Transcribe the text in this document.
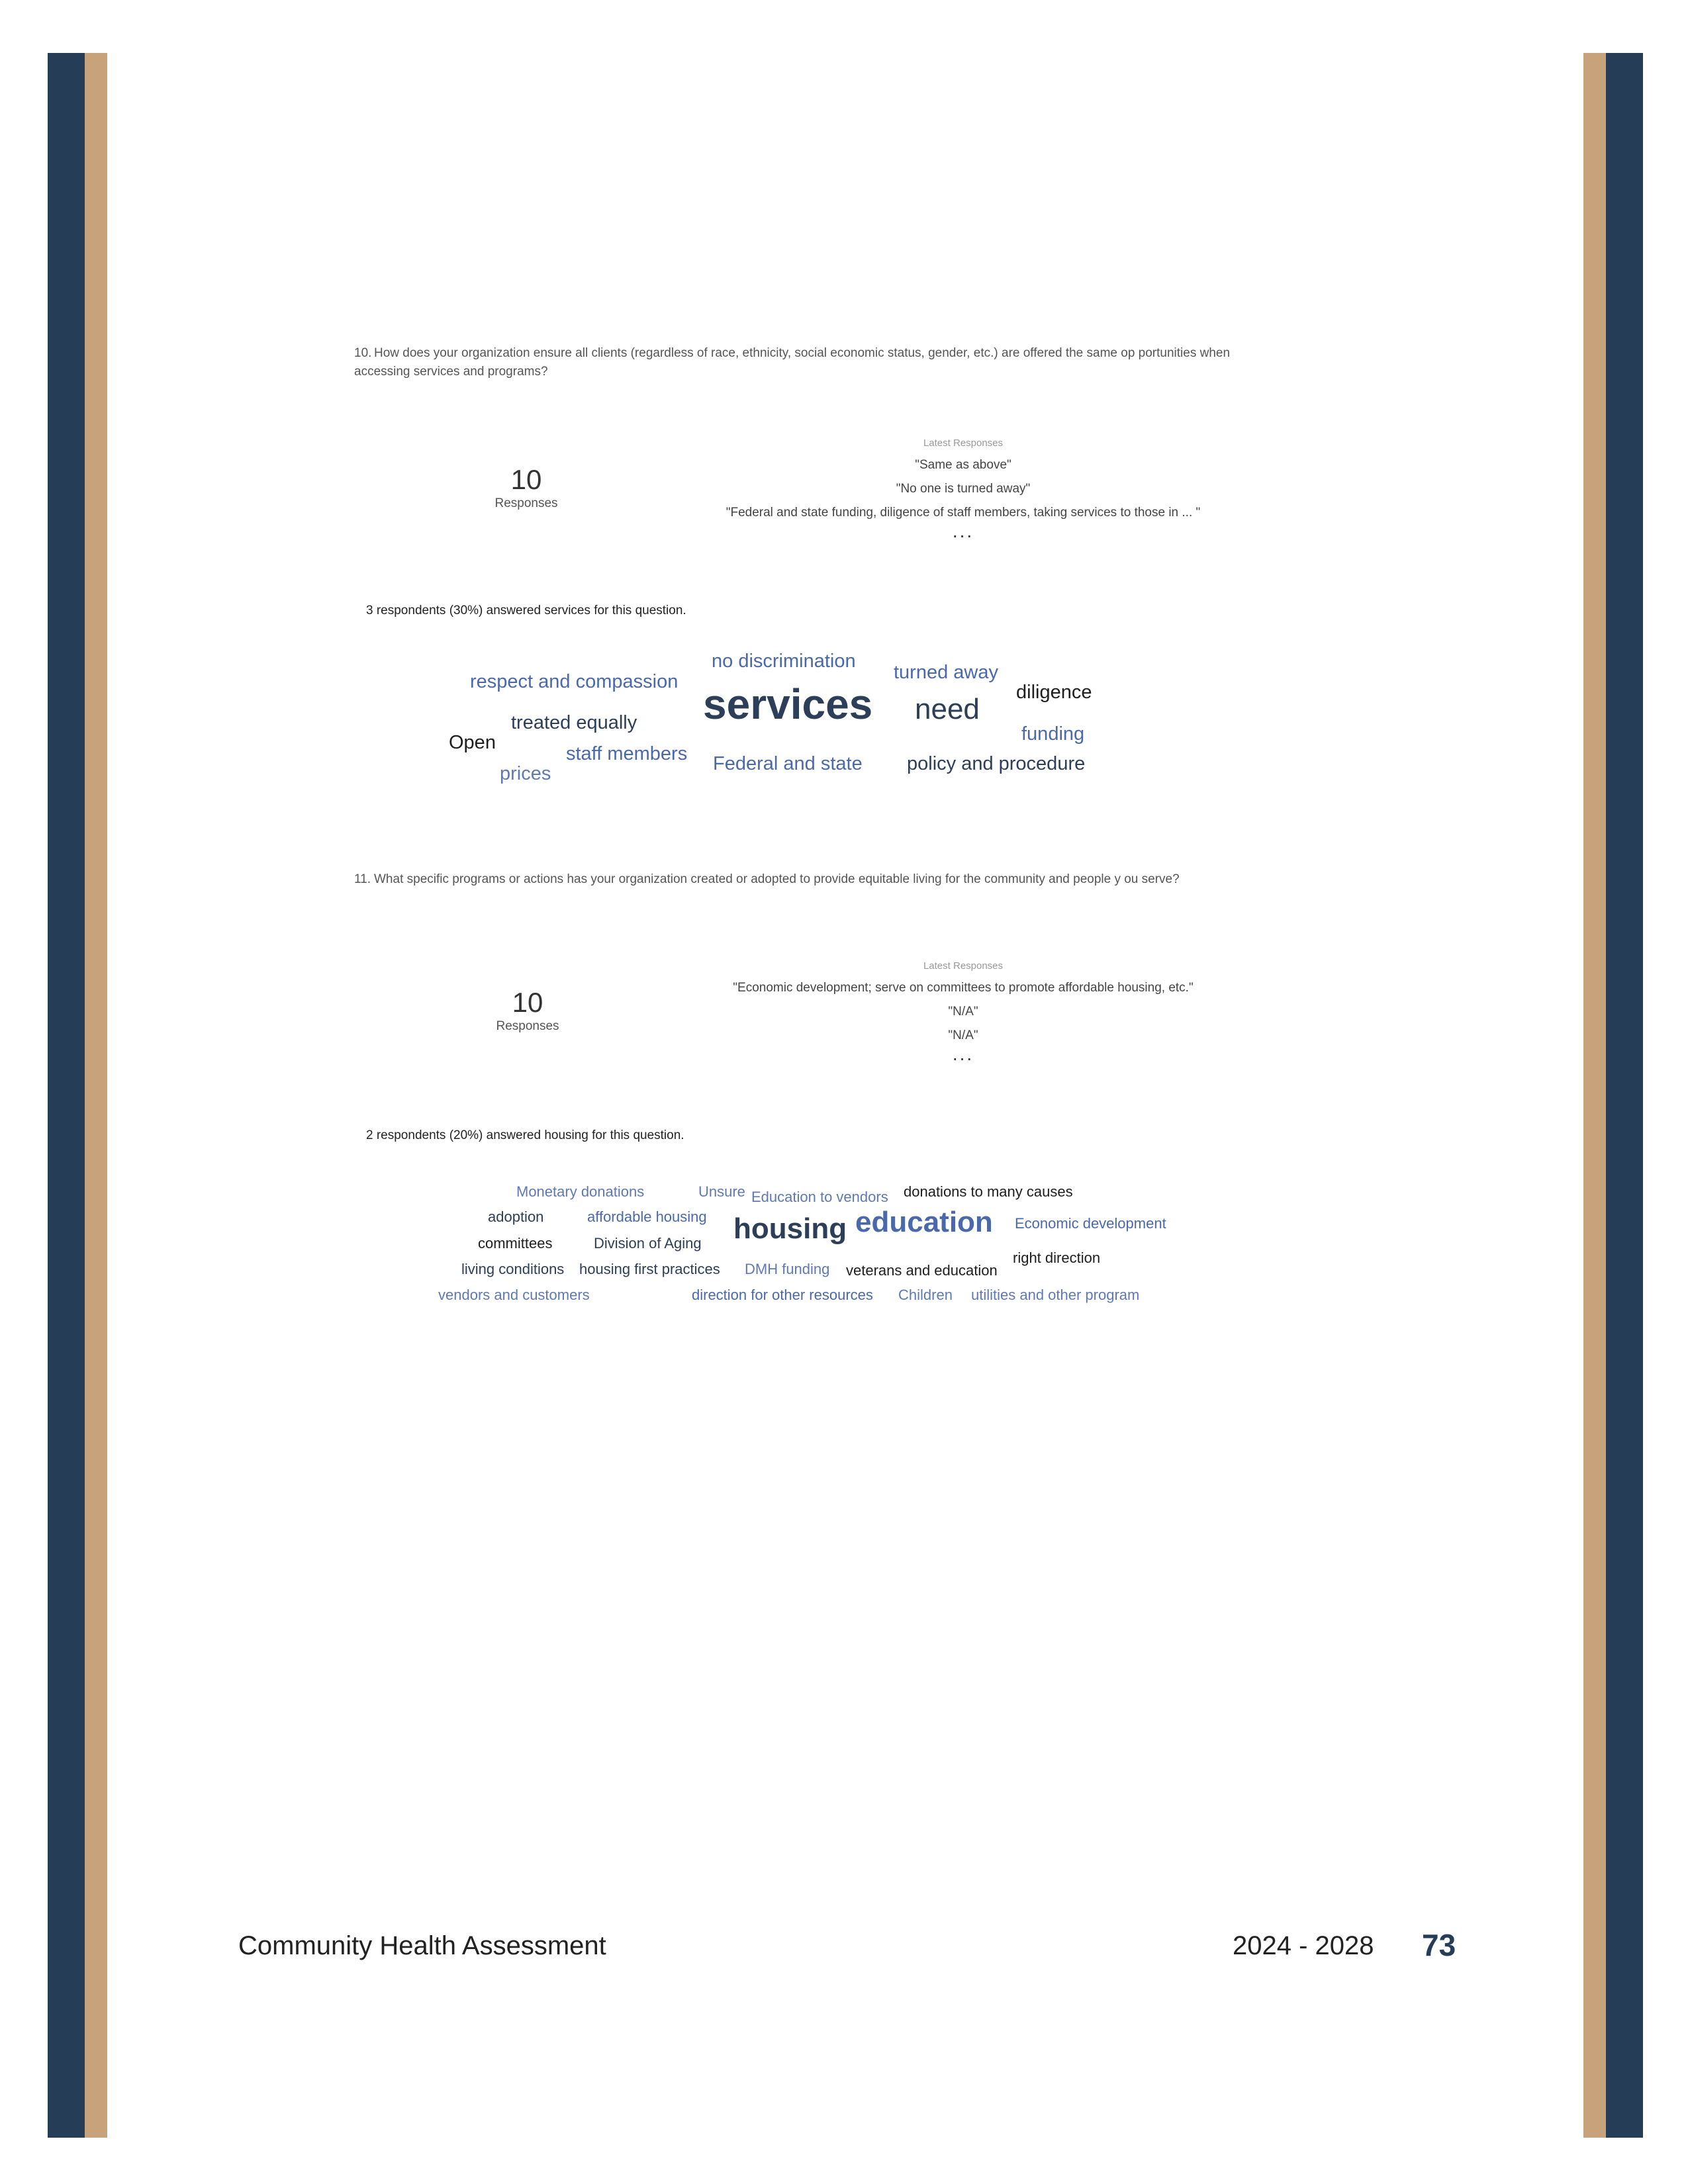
10. How does your organization ensure all clients (regardless of race, ethnicity, social economic status, gender, etc.) are offered the same op portunities when accessing services and programs?
10
Responses
Latest Responses
"Same as above"
"No one is turned away"
"Federal and state funding, diligence of staff members, taking services to those in ... "
...
3 respondents (30%) answered services for this question.
no discrimination
respect and compassion	turned away
diligence
services need
treated equally
funding
Open
staff members Federal and state policy and procedure
prices
11. What specific programs or actions has your organization created or adopted to provide equitable living for the community and people y ou serve?
10
Responses
Latest Responses
"Economic development; serve on committees to promote affordable housing, etc."
"N/A"
"N/A"
...
2 respondents (20%) answered housing for this question.
Monetary donations	Unsure Education to vendors donations to many causes
adoption	affordable housing housing education Economic development
committees	Division of Aging
right direction
living conditions housing first practices DMH funding veterans and education
vendors and customers	direction for other resources Children utilities and other program
Community Health Assessment	2024 - 2028 73
